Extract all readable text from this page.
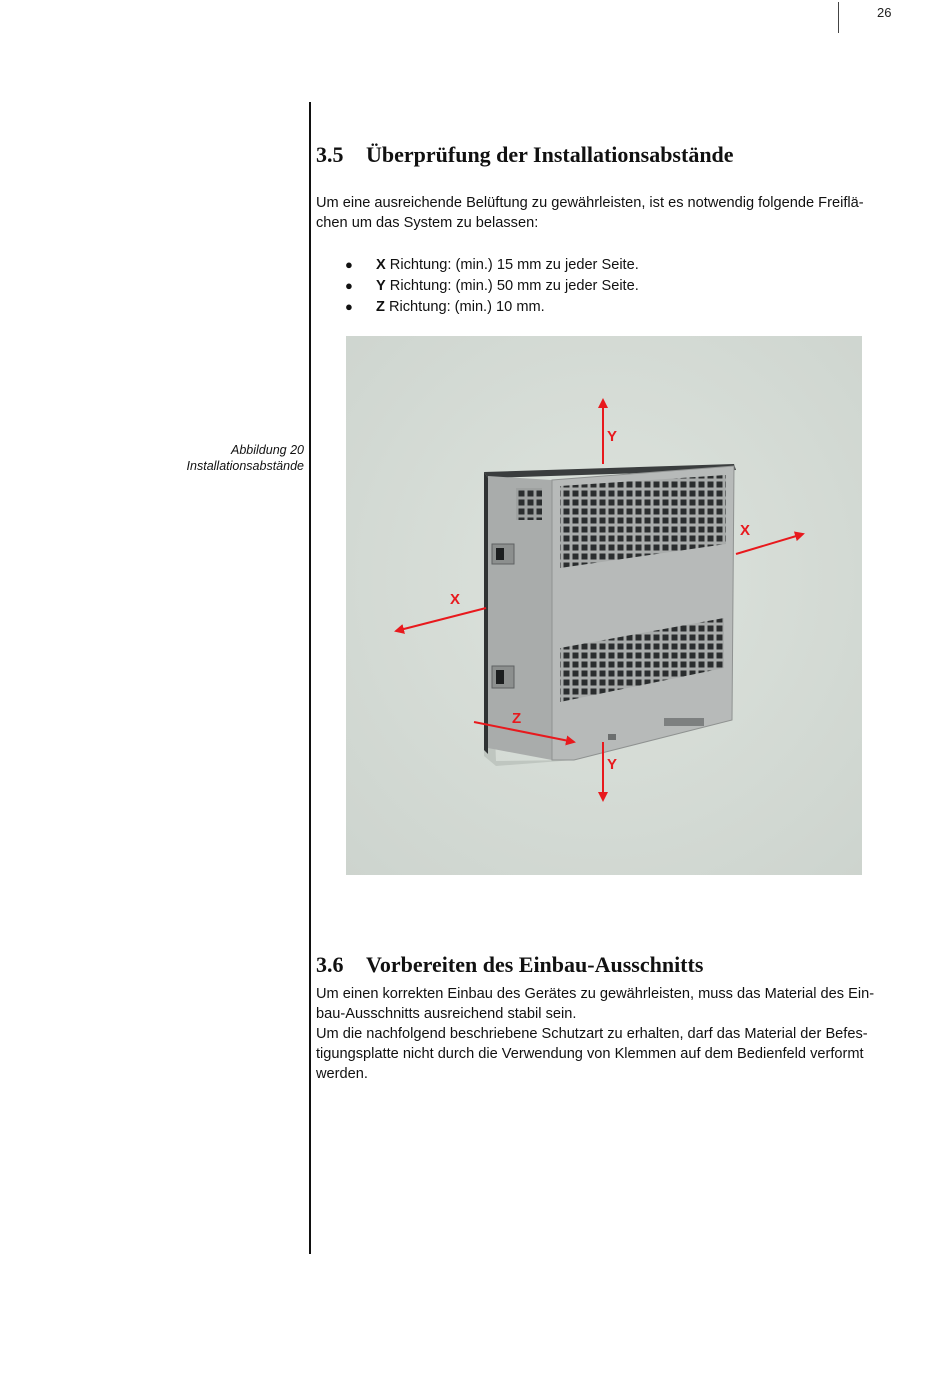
26
3.5 Überprüfung der Installationsabstände
Um eine ausreichende Belüftung zu gewährleisten, ist es notwendig folgende Freiflä-
chen um das System zu belassen:
● X Richtung: (min.) 15 mm zu jeder Seite.
● Y Richtung: (min.) 50 mm zu jeder Seite.
● Z Richtung: (min.) 10 mm.
Abbildung 20
Installationsabstände
Y
X
X
Z
Y
3.6 Vorbereiten des Einbau-Ausschnitts
Um einen korrekten Einbau des Gerätes zu gewährleisten, muss das Material des Ein-
bau-Ausschnitts ausreichend stabil sein.
Um die nachfolgend beschriebene Schutzart zu erhalten, darf das Material der Befes-
tigungsplatte nicht durch die Verwendung von Klemmen auf dem Bedienfeld verformt
werden.
